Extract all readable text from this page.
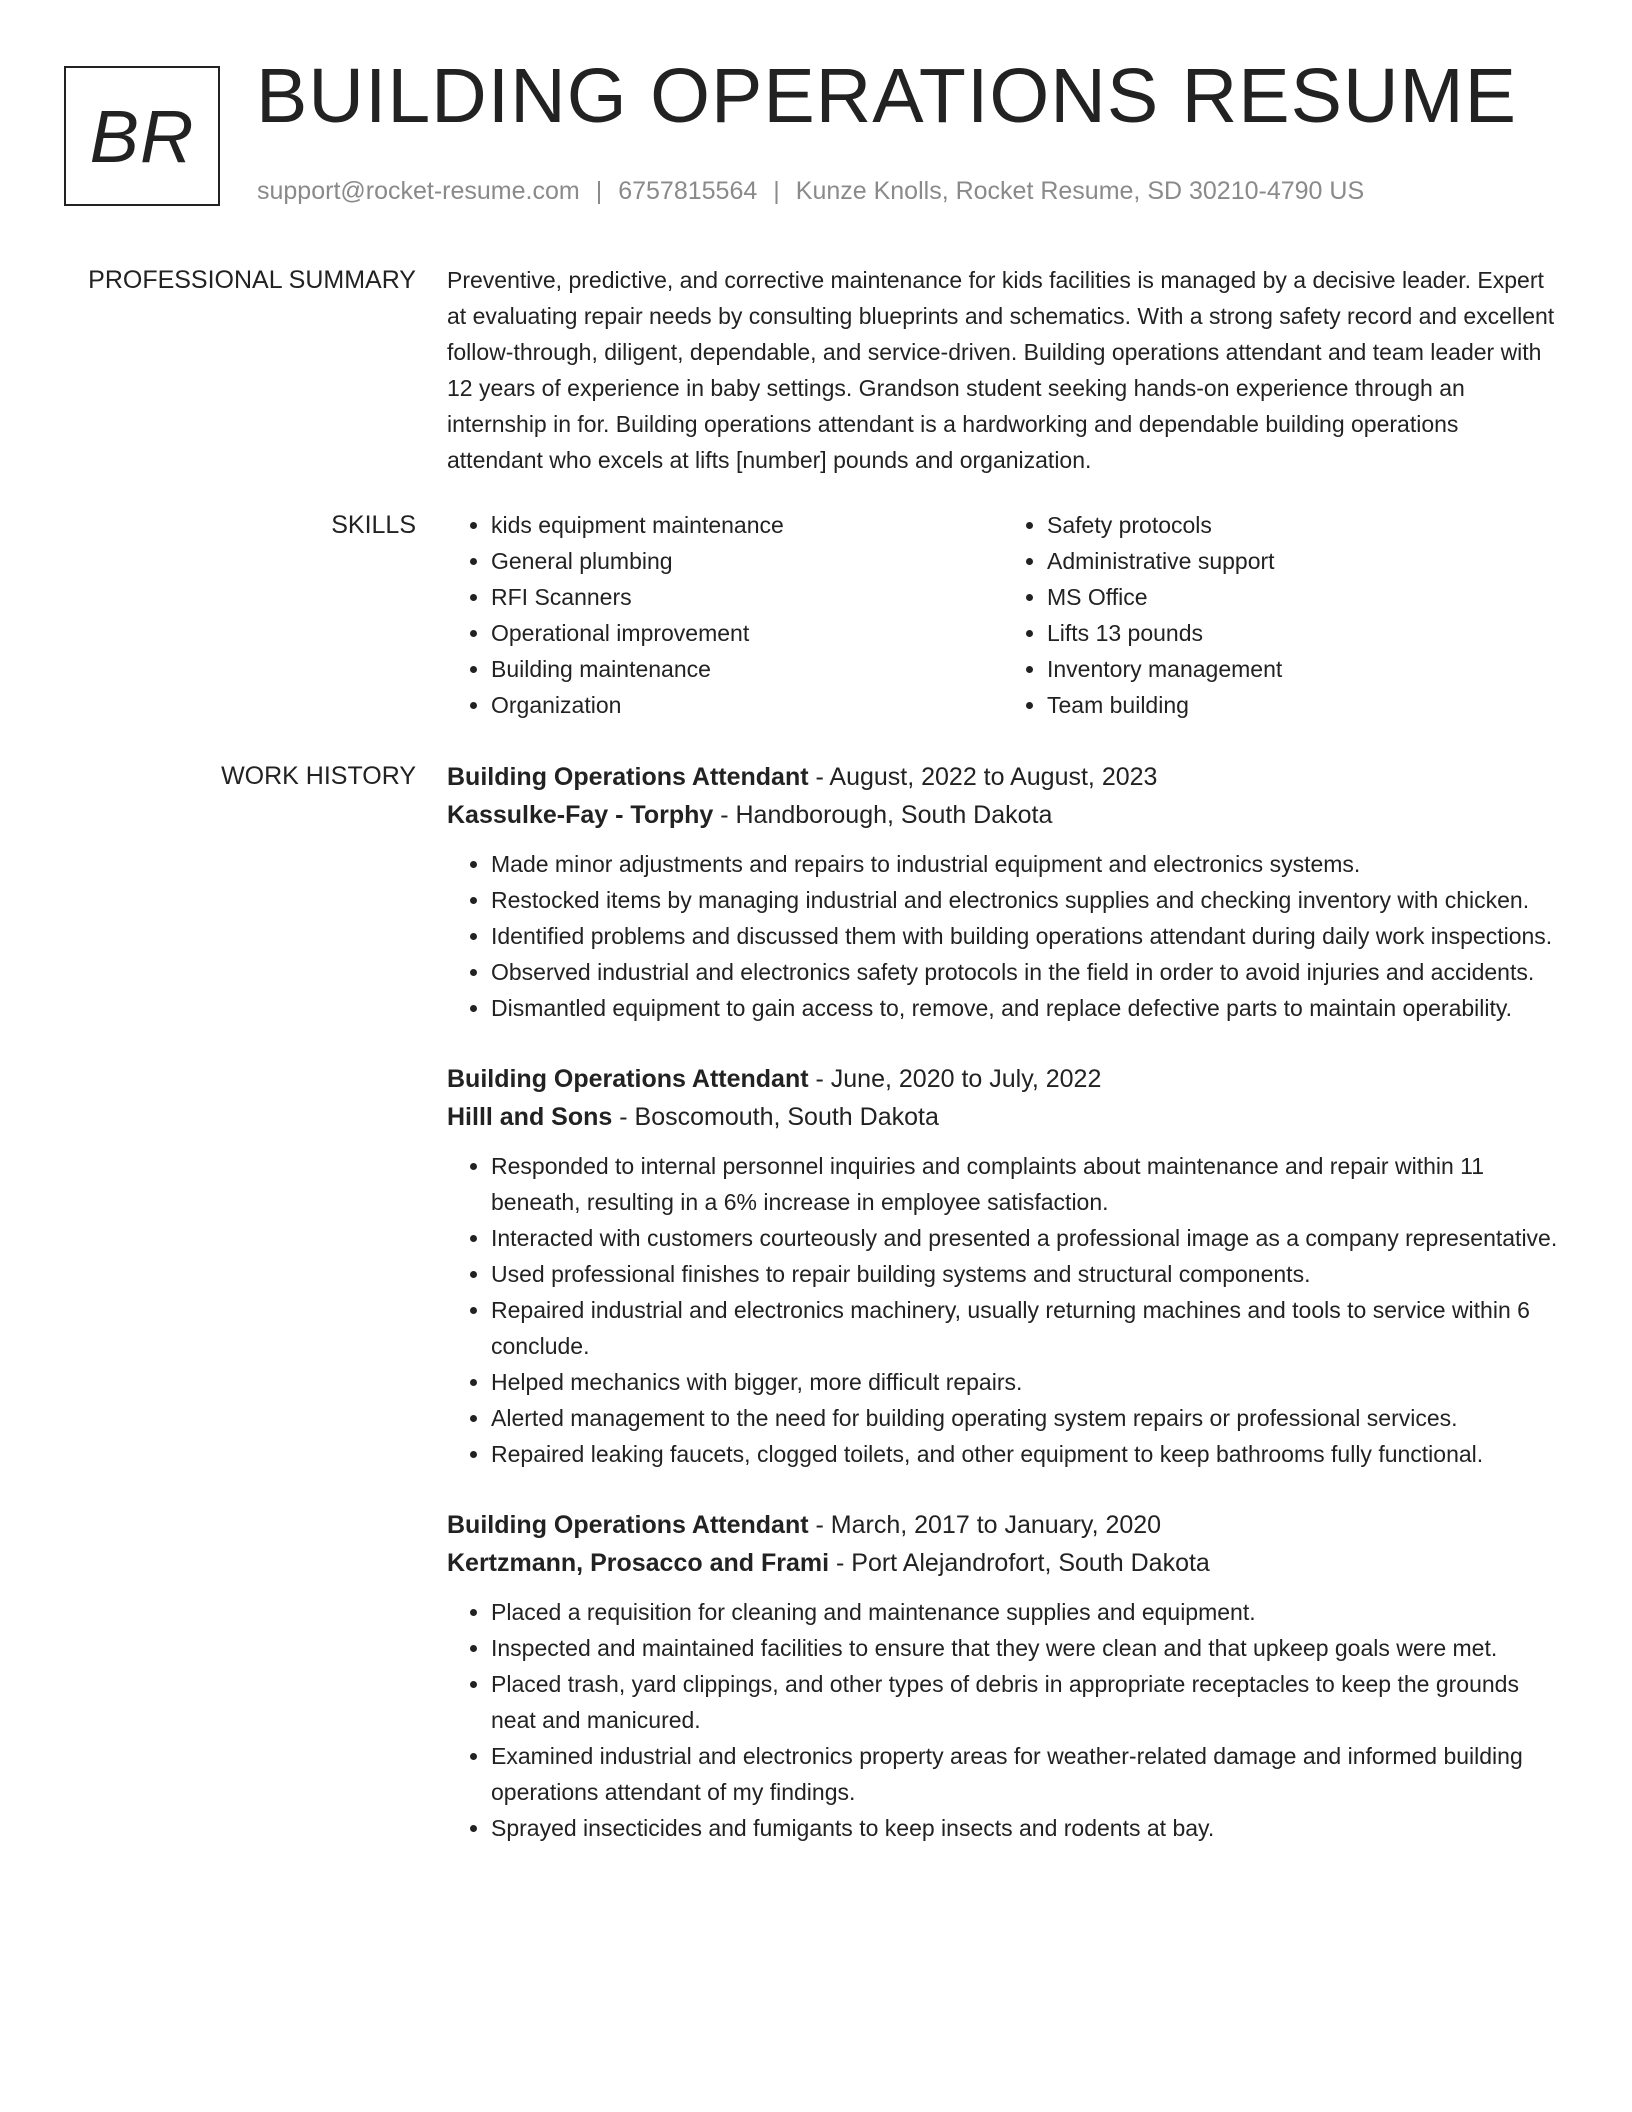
BR BUILDING OPERATIONS RESUME
support@rocket-resume.com | 6757815564 | Kunze Knolls, Rocket Resume, SD 30210-4790 US
PROFESSIONAL SUMMARY Preventive, predictive, and corrective maintenance for kids facilities is managed by a decisive leader. Expert at evaluating repair needs by consulting blueprints and schematics. With a strong safety record and excellent follow-through, diligent, dependable, and service-driven. Building operations attendant and team leader with 12 years of experience in baby settings. Grandson student seeking hands-on experience through an internship in for. Building operations attendant is a hardworking and dependable building operations attendant who excels at lifts [number] pounds and organization.

SKILLS
•	kids equipment maintenance
• General plumbing
• RFI Scanners
• Operational improvement
• Building maintenance
• Organization
• Safety protocols
• Administrative support
• MS Office
• Lifts 13 pounds
• Inventory management
• Team building
WORK HISTORY Building Operations Attendant - August, 2022 to August, 2023
Kassulke-Fay - Torphy - Handborough, South Dakota
• Made minor adjustments and repairs to industrial equipment and electronics systems.
• Restocked items by managing industrial and electronics supplies and checking inventory with chicken.
• Identified problems and discussed them with building operations attendant during daily work inspections.
• Observed industrial and electronics safety protocols in the field in order to avoid injuries and accidents.
• Dismantled equipment to gain access to, remove, and replace defective parts to maintain operability.
Building Operations Attendant - June, 2020 to July, 2022
Hilll and Sons - Boscomouth, South Dakota
• Responded to internal personnel inquiries and complaints about maintenance and repair within 11 beneath, resulting in a 6% increase in employee satisfaction.
• Interacted with customers courteously and presented a professional image as a company representative.
• Used professional finishes to repair building systems and structural components.
• Repaired industrial and electronics machinery, usually returning machines and tools to service within 6 conclude.
• Helped mechanics with bigger, more difficult repairs.
• Alerted management to the need for building operating system repairs or professional services.
• Repaired leaking faucets, clogged toilets, and other equipment to keep bathrooms fully functional.
Building Operations Attendant - March, 2017 to January, 2020
Kertzmann, Prosacco and Frami - Port Alejandrofort, South Dakota
• Placed a requisition for cleaning and maintenance supplies and equipment.
• Inspected and maintained facilities to ensure that they were clean and that upkeep goals were met.
• Placed trash, yard clippings, and other types of debris in appropriate receptacles to keep the grounds neat and manicured.
• Examined industrial and electronics property areas for weather-related damage and informed building operations attendant of my findings.
• Sprayed insecticides and fumigants to keep insects and rodents at bay.
